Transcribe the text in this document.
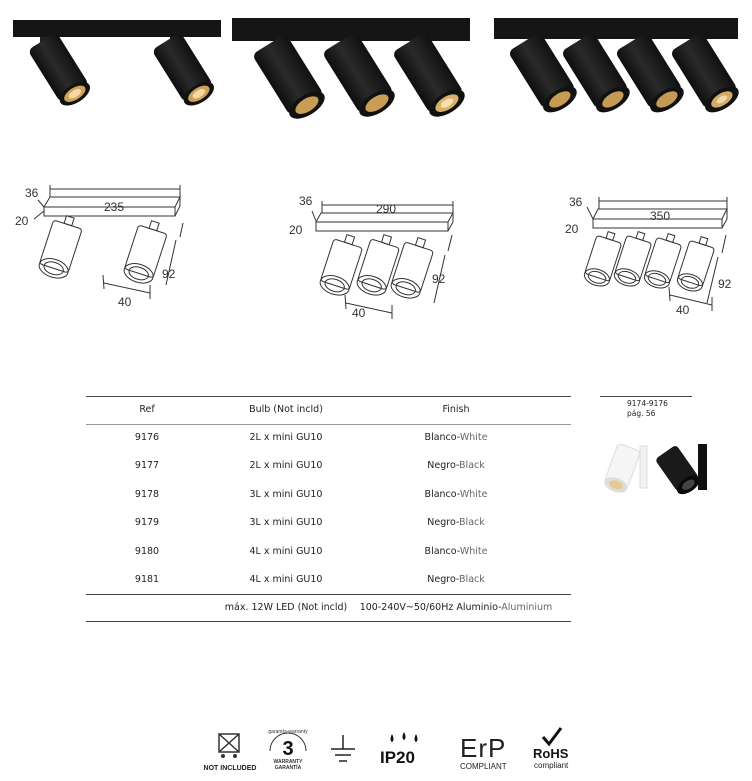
36
20
235
92
40
36
20
290
92
40
36
20
350
92
40
Ref	Bulb (Not incld)	Finish
9176	2L x mini GU10	Blanco-White
9177	2L x mini GU10	Negro-Black
9178	3L x mini GU10	Blanco-White
9179	3L x mini GU10	Negro-Black
9180	4L x mini GU10	Blanco-White
9181	4L x mini GU10	Negro-Black
máx. 12W LED (Not incld)	100-240V~50/60Hz Aluminio-Aluminium
9174-9176
pág. 56
NOT INCLUDED
3
WARRANTY
GARANTÍA
garantía-warranty
IP20 ErP
COMPLIANT
RoHS
compliant
